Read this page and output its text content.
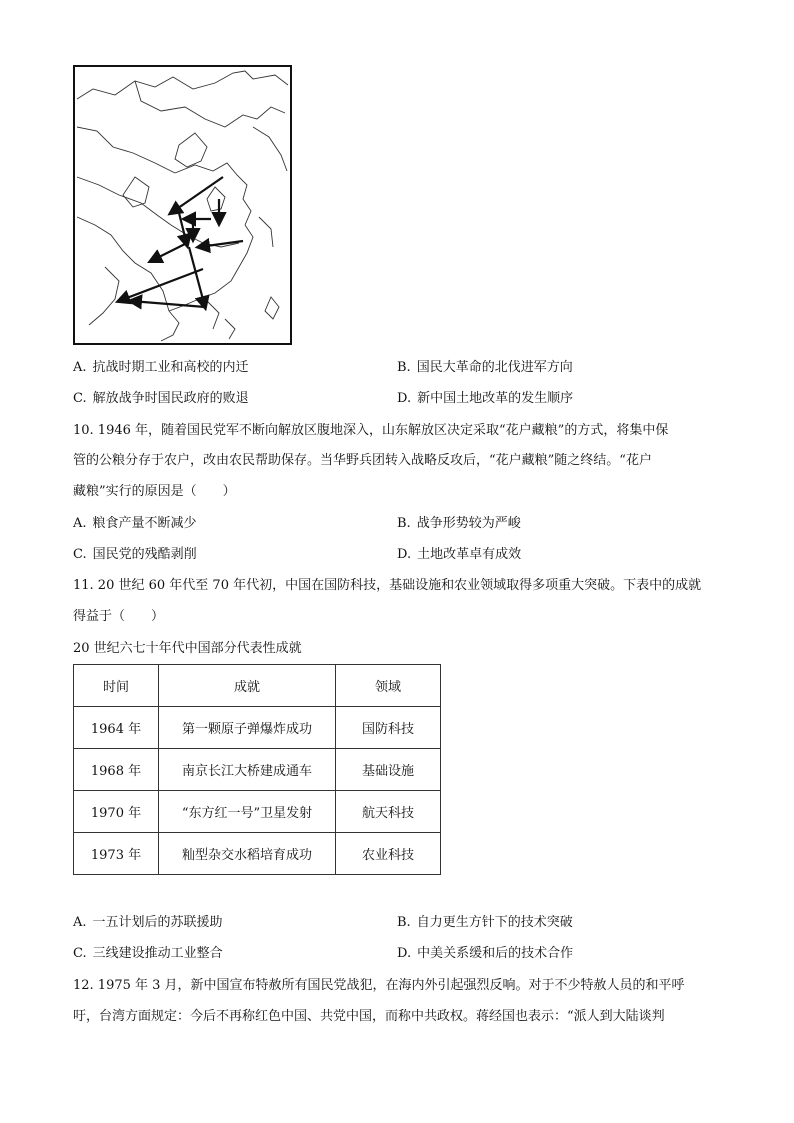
A. 抗战时期工业和高校的内迁	B. 国民大革命的北伐进军方向
C. 解放战争时国民政府的败退	D. 新中国土地改革的发生顺序
10. 1946 年，随着国民党军不断向解放区腹地深入，山东解放区决定采取“花户藏粮”的方式，将集中保
管的公粮分存于农户，改由农民帮助保存。当华野兵团转入战略反攻后，“花户藏粮”随之终结。“花户
藏粮”实行的原因是（　　）
A. 粮食产量不断减少	B. 战争形势较为严峻
C. 国民党的残酷剥削	D. 土地改革卓有成效
11. 20 世纪 60 年代至 70 年代初，中国在国防科技，基础设施和农业领域取得多项重大突破。下表中的成就
得益于（　　）
20 世纪六七十年代中国部分代表性成就
时间	成就	领域
1964 年	第一颗原子弹爆炸成功	国防科技
1968 年	南京长江大桥建成通车	基础设施
1970 年	“东方红一号”卫星发射	航天科技
1973 年	籼型杂交水稻培育成功	农业科技
A. 一五计划后的苏联援助	B. 自力更生方针下的技术突破
C. 三线建设推动工业整合	D. 中美关系缓和后的技术合作
12. 1975 年 3 月，新中国宣布特赦所有国民党战犯，在海内外引起强烈反响。对于不少特赦人员的和平呼
吁，台湾方面规定：今后不再称红色中国、共党中国，而称中共政权。蒋经国也表示：“派人到大陆谈判
